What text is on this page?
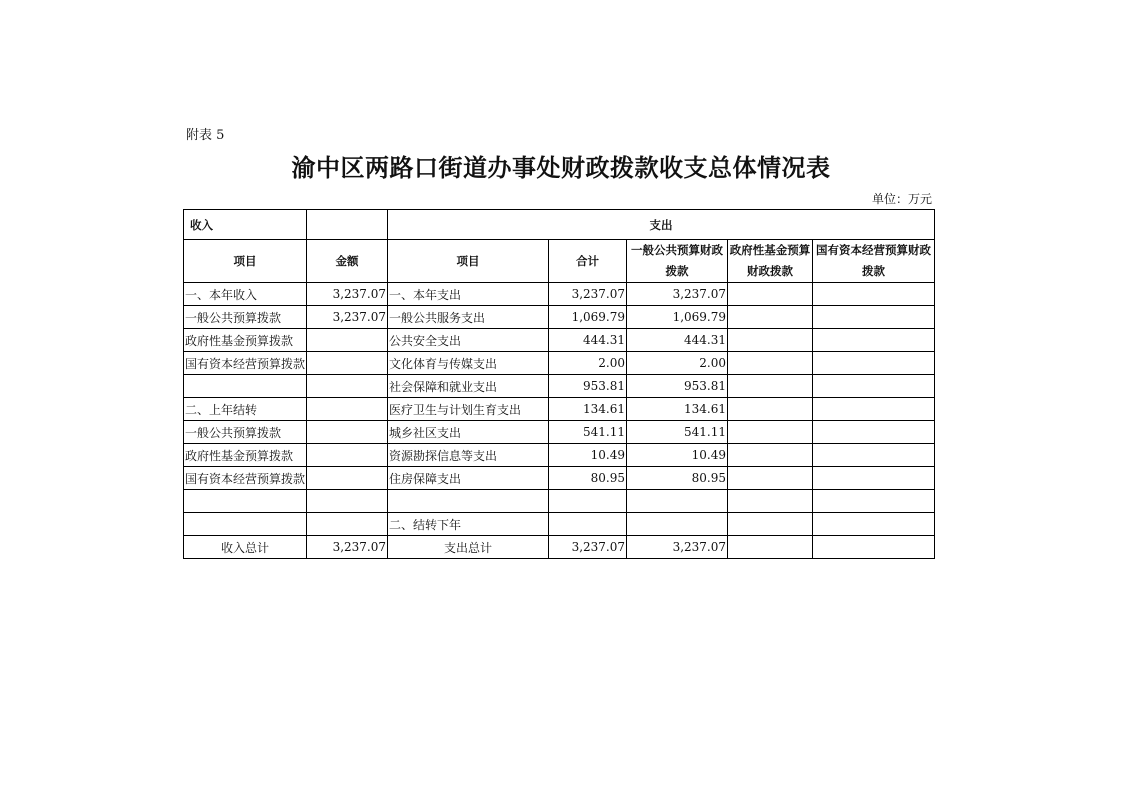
附表 5
渝中区两路口街道办事处财政拨款收支总体情况表
单位：万元
收入		支出				
项目	金额	项目	合计	一般公共预算财政拨款	政府性基金预算财政拨款	国有资本经营预算财政拨款
一、本年收入	3,237.07	一、本年支出	3,237.07	3,237.07		
一般公共预算拨款	3,237.07	一般公共服务支出	1,069.79	1,069.79		
政府性基金预算拨款		公共安全支出	444.31	444.31		
国有资本经营预算拨款		文化体育与传媒支出	2.00	2.00		
		社会保障和就业支出	953.81	953.81		
二、上年结转		医疗卫生与计划生育支出	134.61	134.61		
一般公共预算拨款		城乡社区支出	541.11	541.11		
政府性基金预算拨款		资源勘探信息等支出	10.49	10.49		
国有资本经营预算拨款		住房保障支出	80.95	80.95		

		二、结转下年				
收入总计	3,237.07	支出总计	3,237.07	3,237.07		
